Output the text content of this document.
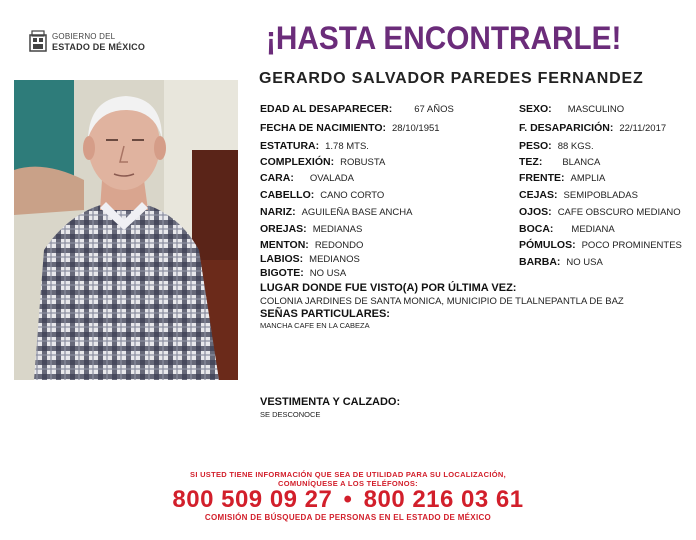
GOBIERNO DEL
ESTADO DE MÉXICO	¡HASTA ENCONTRARLE!
GERARDO SALVADOR PAREDES FERNANDEZ
EDAD AL DESAPARECER: 67 AÑOS
FECHA DE NACIMIENTO: 28/10/1951
ESTATURA: 1.78 MTS.
COMPLEXIÓN: ROBUSTA
CARA: OVALADA
CABELLO: CANO CORTO
NARIZ: AGUILEÑA BASE ANCHA
OREJAS: MEDIANAS
MENTON: REDONDO
LABIOS: MEDIANOS
BIGOTE: NO USA
SEXO: MASCULINO
F. DESAPARICIÓN: 22/11/2017
PESO: 88 KGS.
TEZ: BLANCA
FRENTE: AMPLIA
CEJAS: SEMIPOBLADAS
OJOS: CAFE OBSCURO MEDIANO
BOCA: MEDIANA
PÓMULOS: POCO PROMINENTES
BARBA: NO USA
LUGAR DONDE FUE VISTO(A) POR ÚLTIMA VEZ:
COLONIA JARDINES DE SANTA MONICA, MUNICIPIO DE TLALNEPANTLA DE BAZ
SEÑAS PARTICULARES:
MANCHA CAFE EN LA CABEZA
VESTIMENTA Y CALZADO:
SE DESCONOCE
SI USTED TIENE INFORMACIÓN QUE SEA DE UTILIDAD PARA SU LOCALIZACIÓN,
COMUNÍQUESE A LOS TELÉFONOS:
800 509 09 27 • 800 216 03 61
COMISIÓN DE BÚSQUEDA DE PERSONAS EN EL ESTADO DE MÉXICO
